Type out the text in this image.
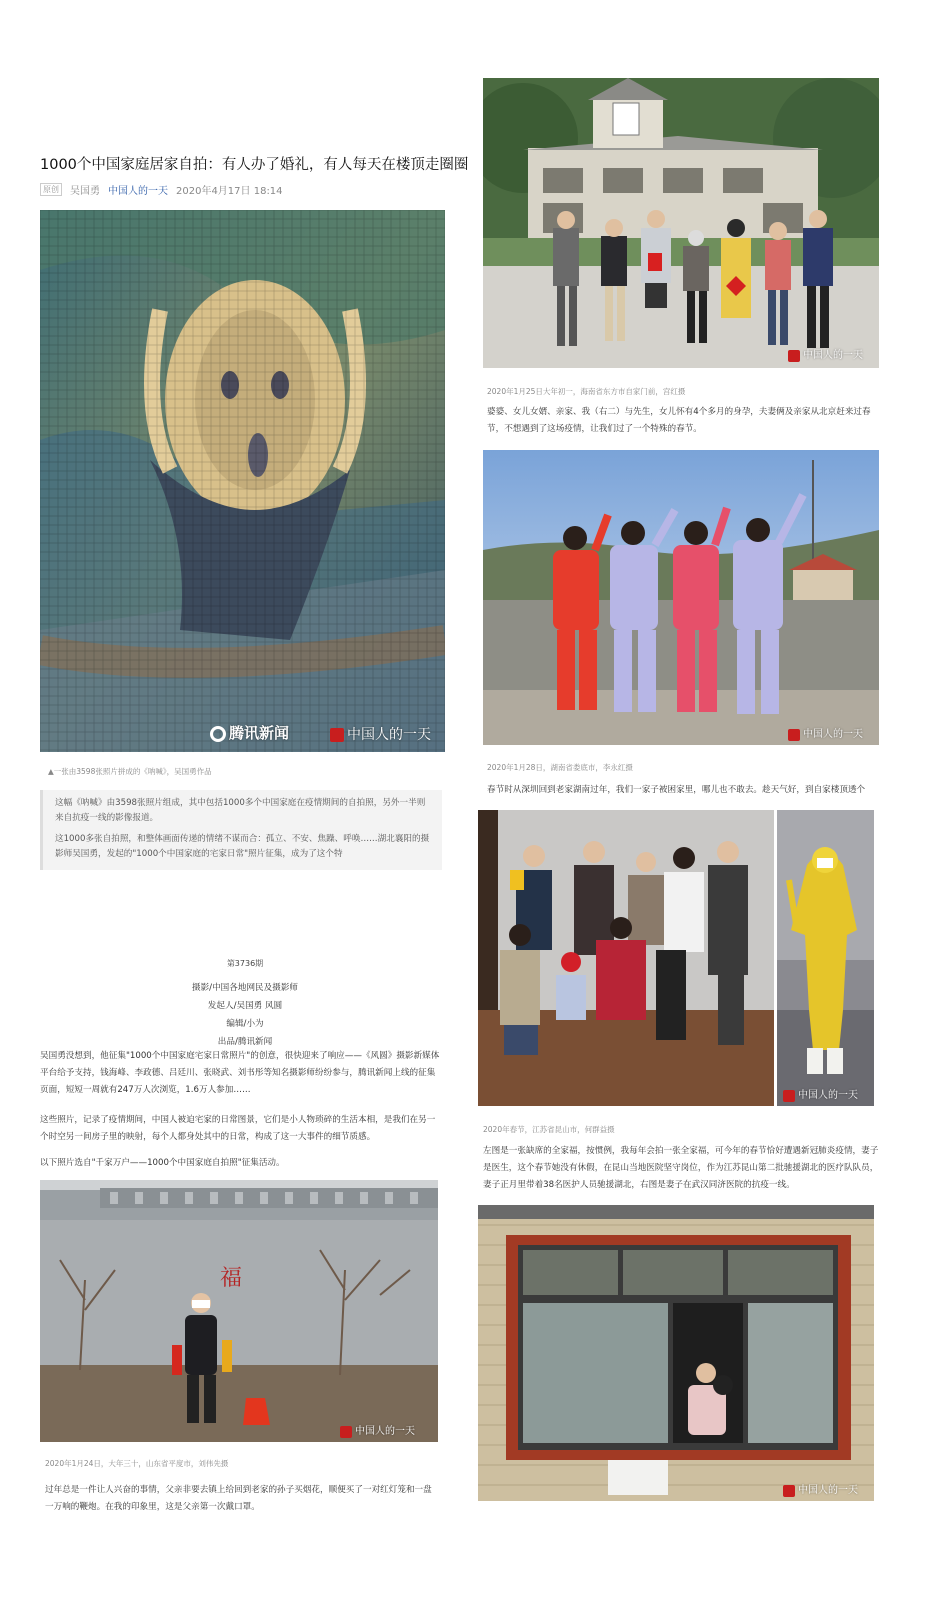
1000个中国家庭居家自拍：有人办了婚礼，有人每天在楼顶走圈圈
原创	吴国勇 中国人的一天 2020年4月17日 18:14
腾讯新闻	中国人的一天
▲一张由3598张照片拼成的《呐喊》，吴国勇作品

这幅《呐喊》由3598张照片组成，其中包括1000多个中国家庭在疫情期间的自拍照，另外一半则来自抗疫一线的影像报道。

这1000多张自拍照，和整体画面传递的情绪不谋而合：孤立、不安、焦躁、呼唤……湖北襄阳的摄影师吴国勇，发起的"1000个中国家庭的宅家日常"照片征集，成为了这个特

第3736期
摄影/中国各地网民及摄影师
发起人/吴国勇 风圆
编辑/小为
出品/腾讯新闻
吴国勇没想到，他征集"1000个中国家庭宅家日常照片"的创意，很快迎来了响应——《风圆》摄影新媒体平台给予支持，钱海峰、李政德、吕廷川、张晓武、刘书彤等知名摄影师纷纷参与，腾讯新闻上线的征集页面，短短一周就有247万人次浏览，1.6万人参加……
这些照片，记录了疫情期间，中国人被迫宅家的日常图景，它们是小人物琐碎的生活本相，是我们在另一个时空另一间房子里的映射，每个人都身处其中的日常，构成了这一大事件的细节质感。
以下照片选自"千家万户——1000个中国家庭自拍照"征集活动。
福
中国人的一天
2020年1月24日，大年三十，山东省平度市，刘伟先摄
过年总是一件让人兴奋的事情，父亲非要去镇上给回到老家的孙子买烟花，顺便买了一对红灯笼和一盘一万响的鞭炮。在我的印象里，这是父亲第一次戴口罩。
中国人的一天
2020年1月25日大年初一，海南省东方市自家门前，宫红摄
婆婆、女儿女婿、亲家、我（右二）与先生，女儿怀有4个多月的身孕，夫妻俩及亲家从北京赶来过春节，不想遇到了这场疫情，让我们过了一个特殊的春节。
中国人的一天
2020年1月28日，湖南省娄底市，李永红摄
春节时从深圳回到老家湖南过年，我们一家子被困家里，哪儿也不敢去。趁天气好，到自家楼顶透个
中国人的一天
2020年春节，江苏省昆山市，何群益摄
左图是一张缺席的全家福，按惯例，我每年会拍一张全家福，可今年的春节恰好遭遇新冠肺炎疫情，妻子是医生，这个春节她没有休假，在昆山当地医院坚守岗位，作为江苏昆山第二批驰援湖北的医疗队队员，妻子正月里带着38名医护人员驰援湖北，右图是妻子在武汉同济医院的抗疫一线。
中国人的一天
